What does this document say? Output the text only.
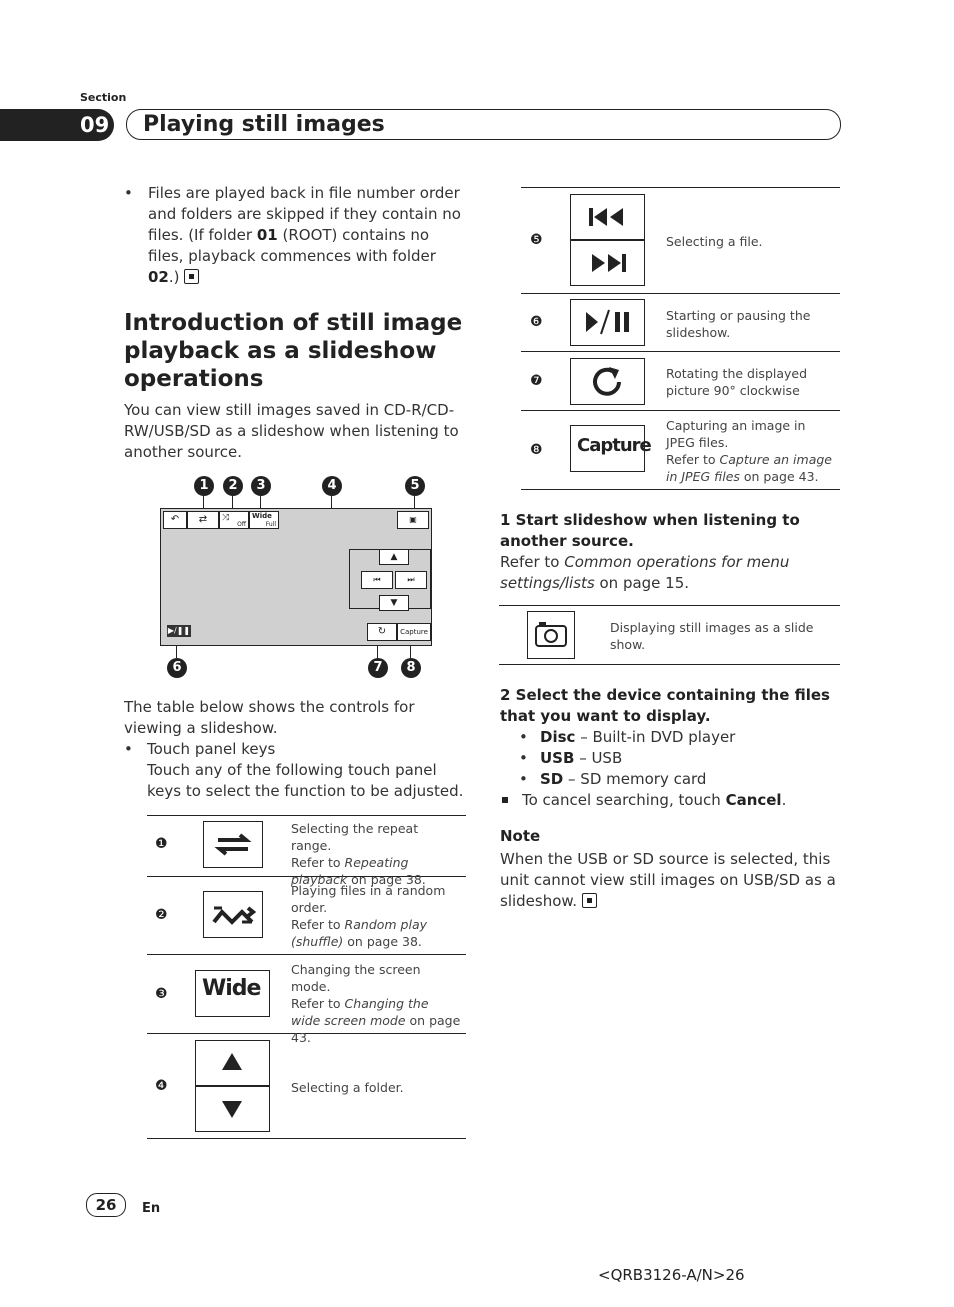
Section
09 Playing still images
• Files are played back in file number order and folders are skipped if they contain no files. (If folder 01 (ROOT) contains no files, playback commences with folder 02.)
Introduction of still image playback as a slideshow operations
You can view still images saved in CD-R/CD-RW/USB/SD as a slideshow when listening to another source.
1	2	3	4	5
6	7	8
↶	⇄	⤨
Off
Wide
Full
▣
▲
⏮	⏭
▼
▶/❚❚	↻	Capture
The table below shows the controls for viewing a slideshow.
• Touch panel keys
Touch any of the following touch panel keys to select the function to be adjusted.
❶
Selecting the repeat range.
Refer to Repeating playback on page 38.
❷
Playing files in a random order.
Refer to Random play (shuffle) on page 38.
❸ Wide
Changing the screen mode.
Refer to Changing the wide screen mode on page 43.
❹	Selecting a folder.
❺	Selecting a file.
❻	Starting or pausing the slideshow.
❼	Rotating the displayed picture 90° clockwise
❽ Capture
Capturing an image in JPEG files.
Refer to Capture an image in JPEG files on page 43.
1 Start slideshow when listening to another source.
Refer to Common operations for menu settings/lists on page 15.
Displaying still images as a slide show.
2 Select the device containing the files that you want to display.
• Disc – Built-in DVD player
• USB – USB
• SD – SD memory card
To cancel searching, touch Cancel.
Note
When the USB or SD source is selected, this unit cannot view still images on USB/SD as a slideshow.
26	En
<QRB3126-A/N>26
